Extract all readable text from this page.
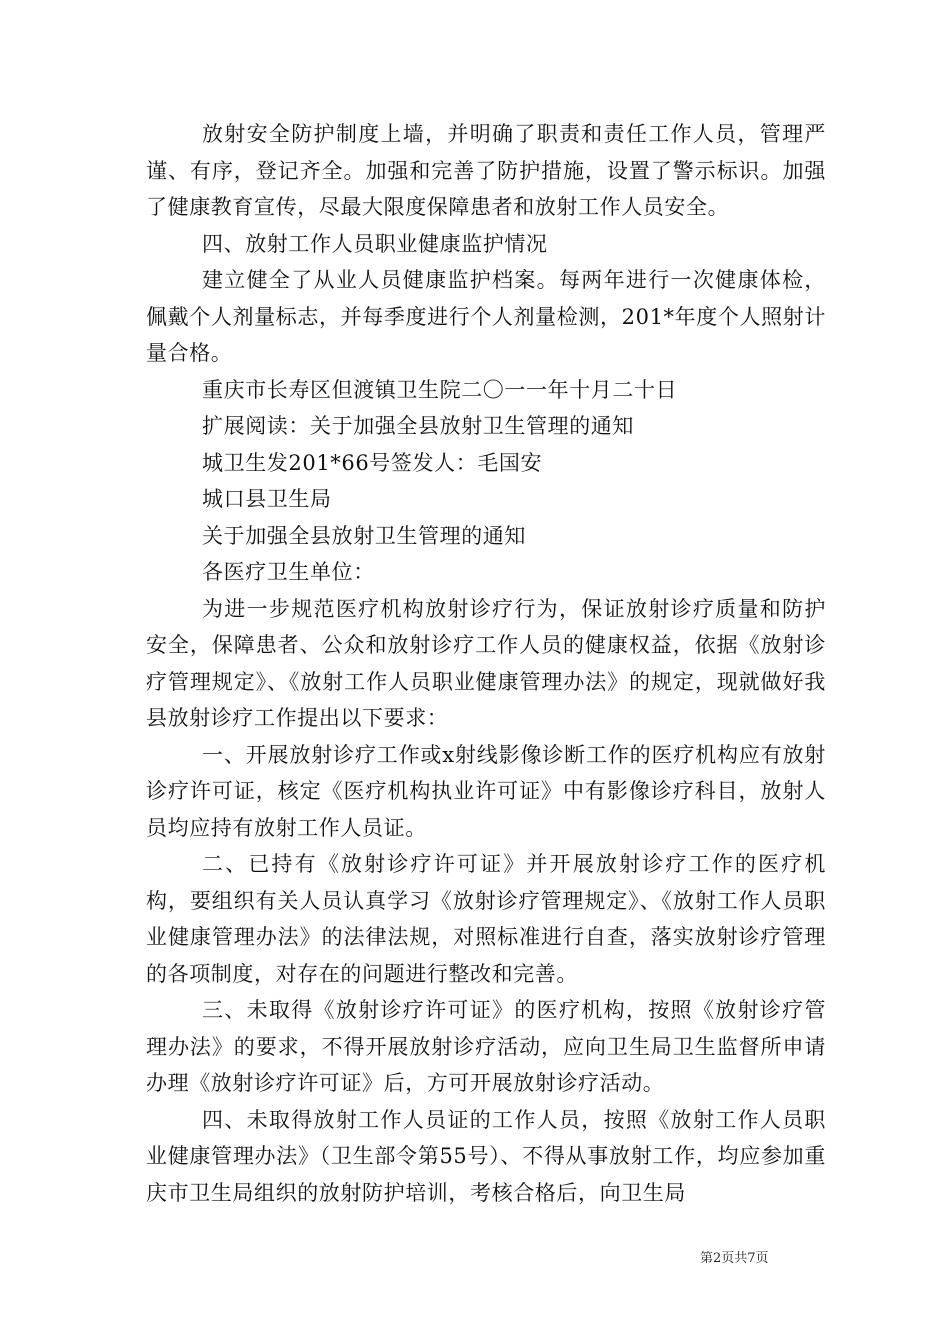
放射安全防护制度上墙，并明确了职责和责任工作人员，管理严谨、有序，登记齐全。加强和完善了防护措施，设置了警示标识。加强了健康教育宣传，尽最大限度保障患者和放射工作人员安全。

四、放射工作人员职业健康监护情况

建立健全了从业人员健康监护档案。每两年进行一次健康体检，佩戴个人剂量标志，并每季度进行个人剂量检测，201*年度个人照射计量合格。

重庆市长寿区但渡镇卫生院二〇一一年十月二十日

扩展阅读：关于加强全县放射卫生管理的通知

城卫生发201*66号签发人：毛国安

城口县卫生局

关于加强全县放射卫生管理的通知

各医疗卫生单位：

为进一步规范医疗机构放射诊疗行为，保证放射诊疗质量和防护安全，保障患者、公众和放射诊疗工作人员的健康权益，依据《放射诊疗管理规定》、《放射工作人员职业健康管理办法》的规定，现就做好我县放射诊疗工作提出以下要求：

一、开展放射诊疗工作或x射线影像诊断工作的医疗机构应有放射诊疗许可证，核定《医疗机构执业许可证》中有影像诊疗科目，放射人员均应持有放射工作人员证。

二、已持有《放射诊疗许可证》并开展放射诊疗工作的医疗机构，要组织有关人员认真学习《放射诊疗管理规定》、《放射工作人员职业健康管理办法》的法律法规，对照标准进行自查，落实放射诊疗管理的各项制度，对存在的问题进行整改和完善。

三、未取得《放射诊疗许可证》的医疗机构，按照《放射诊疗管理办法》的要求，不得开展放射诊疗活动，应向卫生局卫生监督所申请办理《放射诊疗许可证》后，方可开展放射诊疗活动。

四、未取得放射工作人员证的工作人员，按照《放射工作人员职业健康管理办法》（卫生部令第55号）、不得从事放射工作，均应参加重庆市卫生局组织的放射防护培训，考核合格后，向卫生局

第2页共7页
